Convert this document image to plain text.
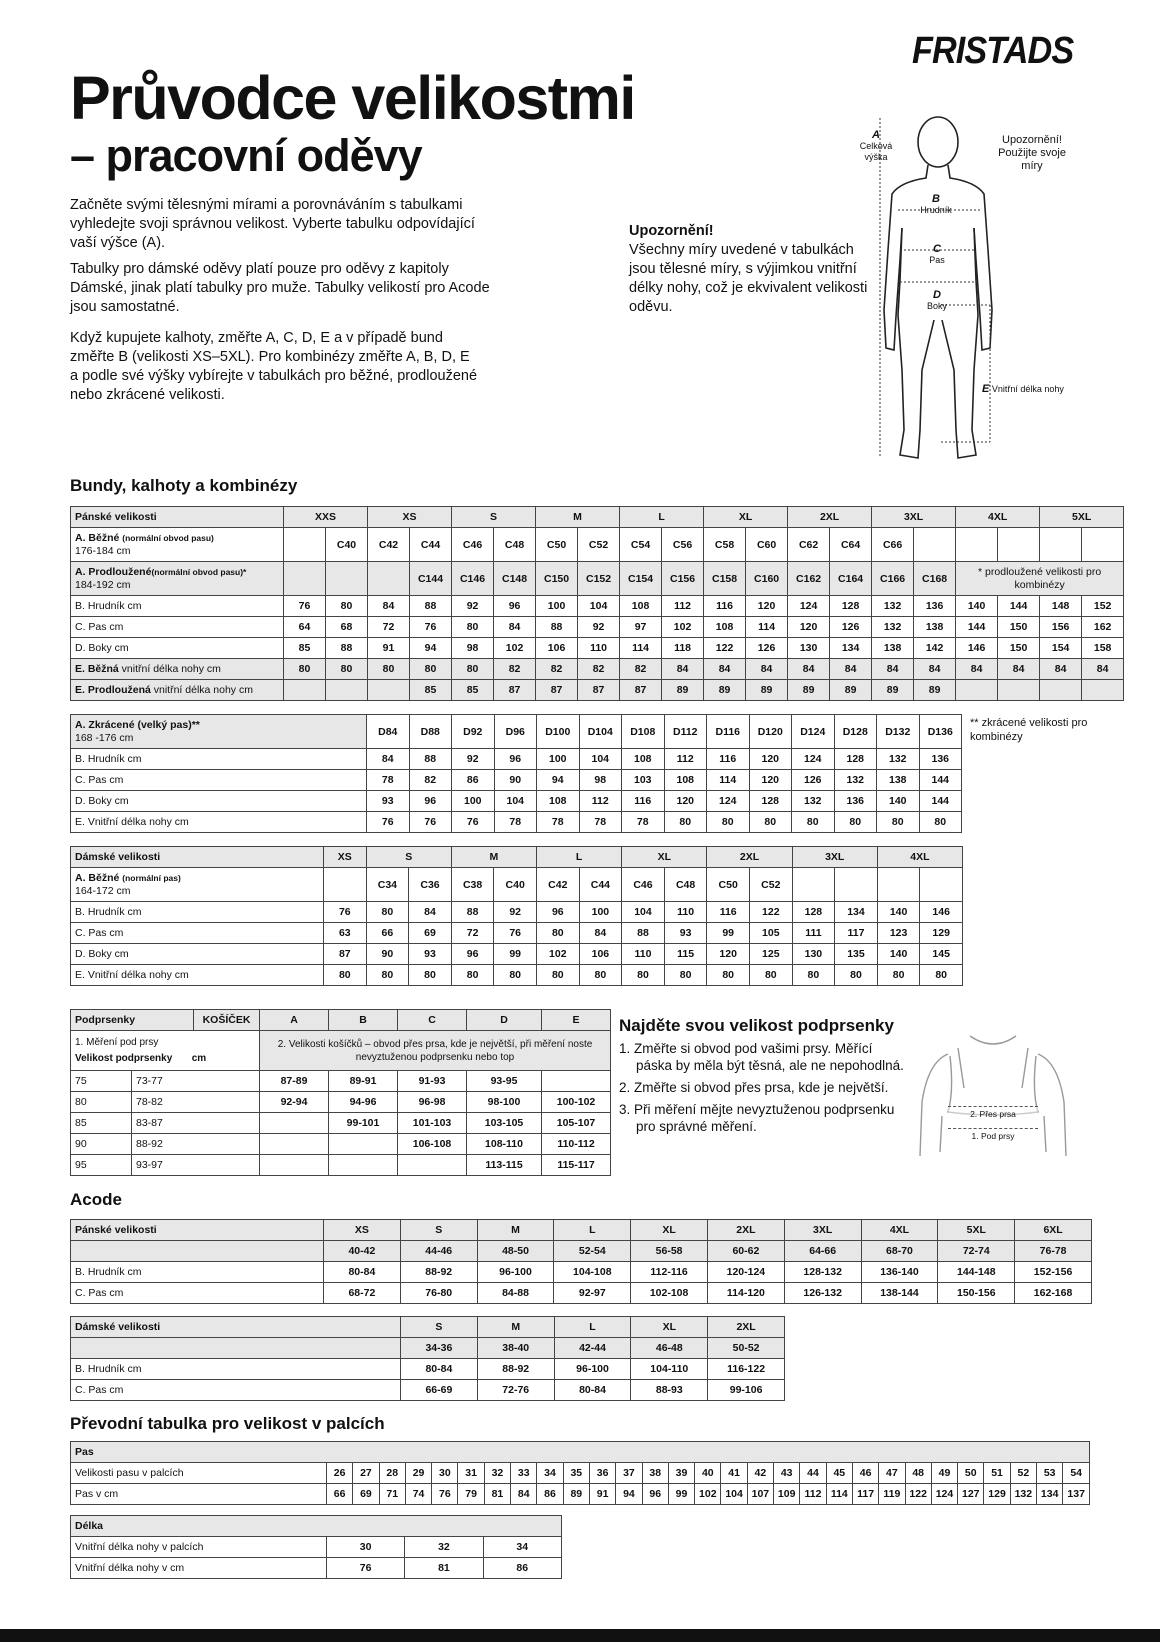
FRISTADS
Průvodce velikostmi
– pracovní oděvy

Začněte svými tělesnými mírami a porovnáváním s tabulkami vyhledejte svoji správnou velikost. Vyberte tabulku odpovídající vaší výšce (A).

Tabulky pro dámské oděvy platí pouze pro oděvy z kapitoly Dámské, jinak platí tabulky pro muže. Tabulky velikostí pro Acode jsou samostatné.

Když kupujete kalhoty, změřte A, C, D, E a v případě bund změřte B (velikosti XS–5XL). Pro kombinézy změřte A, B, D, E a podle své výšky vybírejte v tabulkách pro běžné, prodloužené nebo zkrácené velikosti.

Upozornění!
Všechny míry uvedené v tabulkách jsou tělesné míry, s výjimkou vnitřní délky nohy, což je ekvivalent velikosti oděvu.
A
Celková výška
B
Hrudník
C
Pas
D
Boky
E Vnitřní délka nohy
Upozornění! Použijte svoje míry
Bundy, kalhoty a kombinézy
Pánské velikosti	XXS		XS		S		M		L		XL		2XL		3XL		4XL		5XL	
A. Běžné (normální obvod pasu)
176-184 cm		C40	C42	C44	C46	C48	C50	C52	C54	C56	C58	C60	C62	C64	C66					
A. Prodloužené(normální obvod pasu)*
184-192 cm				C144	C146	C148	C150	C152	C154	C156	C158	C160	C162	C164	C166	C168	* prodloužené velikosti pro kombinézy			
B. Hrudník cm	76	80	84	88	92	96	100	104	108	112	116	120	124	128	132	136	140	144	148	152
C. Pas cm	64	68	72	76	80	84	88	92	97	102	108	114	120	126	132	138	144	150	156	162
D. Boky cm	85	88	91	94	98	102	106	110	114	118	122	126	130	134	138	142	146	150	154	158
E. Běžná vnitřní délka nohy cm	80	80	80	80	80	82	82	82	82	84	84	84	84	84	84	84	84	84	84	84
E. Prodloužená vnitřní délka nohy cm				85	85	87	87	87	87	89	89	89	89	89	89	89				
A. Zkrácené (velký pas)**
168 -176 cm	D84	D88	D92	D96	D100	D104	D108	D112	D116	D120	D124	D128	D132	D136
B. Hrudník cm	84	88	92	96	100	104	108	112	116	120	124	128	132	136
C. Pas cm	78	82	86	90	94	98	103	108	114	120	126	132	138	144
D. Boky cm	93	96	100	104	108	112	116	120	124	128	132	136	140	144
E. Vnitřní délka nohy cm	76	76	76	78	78	78	78	80	80	80	80	80	80	80
** zkrácené velikosti pro kombinézy
Dámské velikosti	XS	S		M		L		XL		2XL		3XL		4XL	
A. Běžné (normální pas)
164-172 cm		C34	C36	C38	C40	C42	C44	C46	C48	C50	C52				
B. Hrudník cm	76	80	84	88	92	96	100	104	110	116	122	128	134	140	146
C. Pas cm	63	66	69	72	76	80	84	88	93	99	105	111	117	123	129
D. Boky cm	87	90	93	96	99	102	106	110	115	120	125	130	135	140	145
E. Vnitřní délka nohy cm	80	80	80	80	80	80	80	80	80	80	80	80	80	80	80
Podprsenky		KOŠÍČEK	A	B	C	D	E
1. Měření pod prsy
Velikost podprsenky cm			2. Velikosti košíčků – obvod přes prsa, kde je největší, při měření noste nevyztuženou podprsenku nebo top				
75	73-77		87-89	89-91	91-93	93-95	
80	78-82		92-94	94-96	96-98	98-100	100-102
85	83-87			99-101	101-103	103-105	105-107
90	88-92				106-108	108-110	110-112
95	93-97					113-115	115-117
Najděte svou velikost podprsenky
1. Změřte si obvod pod vašimi prsy. Měřící páska by měla být těsná, ale ne nepohodlná.
2. Změřte si obvod přes prsa, kde je největší.
3. Při měření mějte nevyztuženou podprsenku pro správné měření.
2. Přes prsa
1. Pod prsy
Acode
Pánské velikosti	XS	S	M	L	XL	2XL	3XL	4XL	5XL	6XL
	40-42	44-46	48-50	52-54	56-58	60-62	64-66	68-70	72-74	76-78
B. Hrudník cm	80-84	88-92	96-100	104-108	112-116	120-124	128-132	136-140	144-148	152-156
C. Pas cm	68-72	76-80	84-88	92-97	102-108	114-120	126-132	138-144	150-156	162-168
Dámské velikosti	S	M	L	XL	2XL
	34-36	38-40	42-44	46-48	50-52
B. Hrudník cm	80-84	88-92	96-100	104-110	116-122
C. Pas cm	66-69	72-76	80-84	88-93	99-106
Převodní tabulka pro velikost v palcích
Pas																													
Velikosti pasu v palcích	26	27	28	29	30	31	32	33	34	35	36	37	38	39	40	41	42	43	44	45	46	47	48	49	50	51	52	53	54
Pas v cm	66	69	71	74	76	79	81	84	86	89	91	94	96	99	102	104	107	109	112	114	117	119	122	124	127	129	132	134	137
Délka			
Vnitřní délka nohy v palcích	30	32	34
Vnitřní délka nohy v cm	76	81	86
